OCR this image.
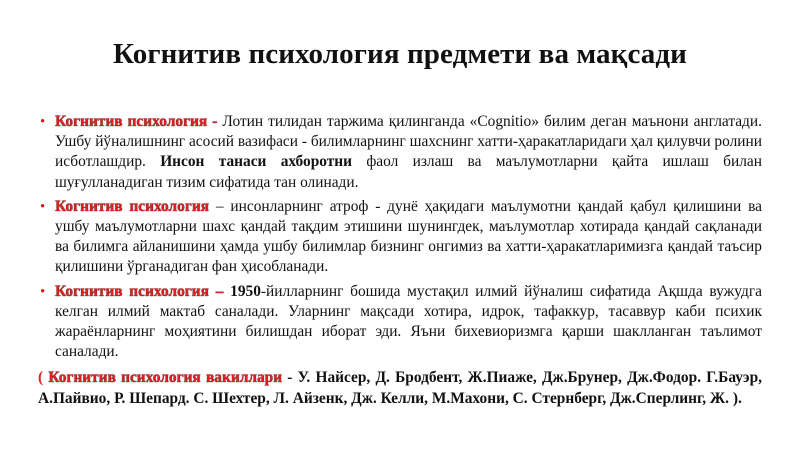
Когнитив психология предмети ва мақсади
• Когнитив психология - Лотин тилидан таржима қилинганда «Cognitio» билим деган маънони англатади. Ушбу йўналишнинг асосий вазифаси - билимларнинг шахснинг хатти-ҳаракатларидаги ҳал қилувчи ролини исботлашдир. Инсон танаси ахборотни фаол излаш ва маълумотларни қайта ишлаш билан шуғулланадиган тизим сифатида тан олинади.
• Когнитив психология – инсонларнинг атроф - дунё ҳақидаги маълумотни қандай қабул қилишини ва ушбу маълумотларни шахс қандай тақдим этишини шунингдек, маълумотлар хотирада қандай сақланади ва билимга айланишини ҳамда ушбу билимлар бизнинг онгимиз ва хатти-ҳаракатларимизга қандай таъсир қилишини ўрганадиган фан ҳисобланади.
• Когнитив психология – 1950-йилларнинг бошида мустақил илмий йўналиш сифатида Ақшда вужудга келган илмий мактаб саналади. Уларнинг мақсади хотира, идрок, тафаккур, тасаввур каби психик жараёнларнинг моҳиятини билишдан иборат эди. Яъни бихевиоризмга қарши шаклланган таълимот саналади.
( Когнитив психология вакиллари - У. Найсер, Д. Бродбент, Ж.Пиаже, Дж.Брунер, Дж.Фодор. Г.Бауэр, А.Пайвио, Р. Шепард. С. Шехтер, Л. Айзенк, Дж. Келли, М.Махони, С. Стернберг, Дж.Сперлинг, Ж. ).
